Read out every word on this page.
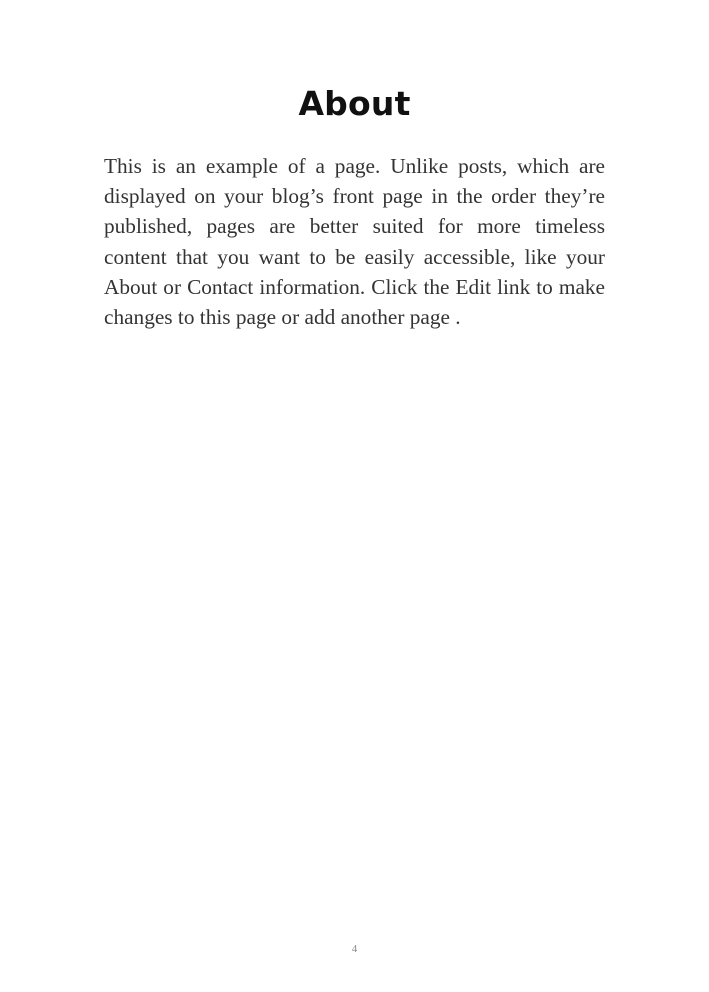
About

This is an example of a page. Unlike posts, which are displayed on your blog’s front page in the order they’re published, pages are better suited for more timeless content that you want to be easily accessible, like your About or Contact information. Click the Edit link to make changes to this page or add another page .

4
